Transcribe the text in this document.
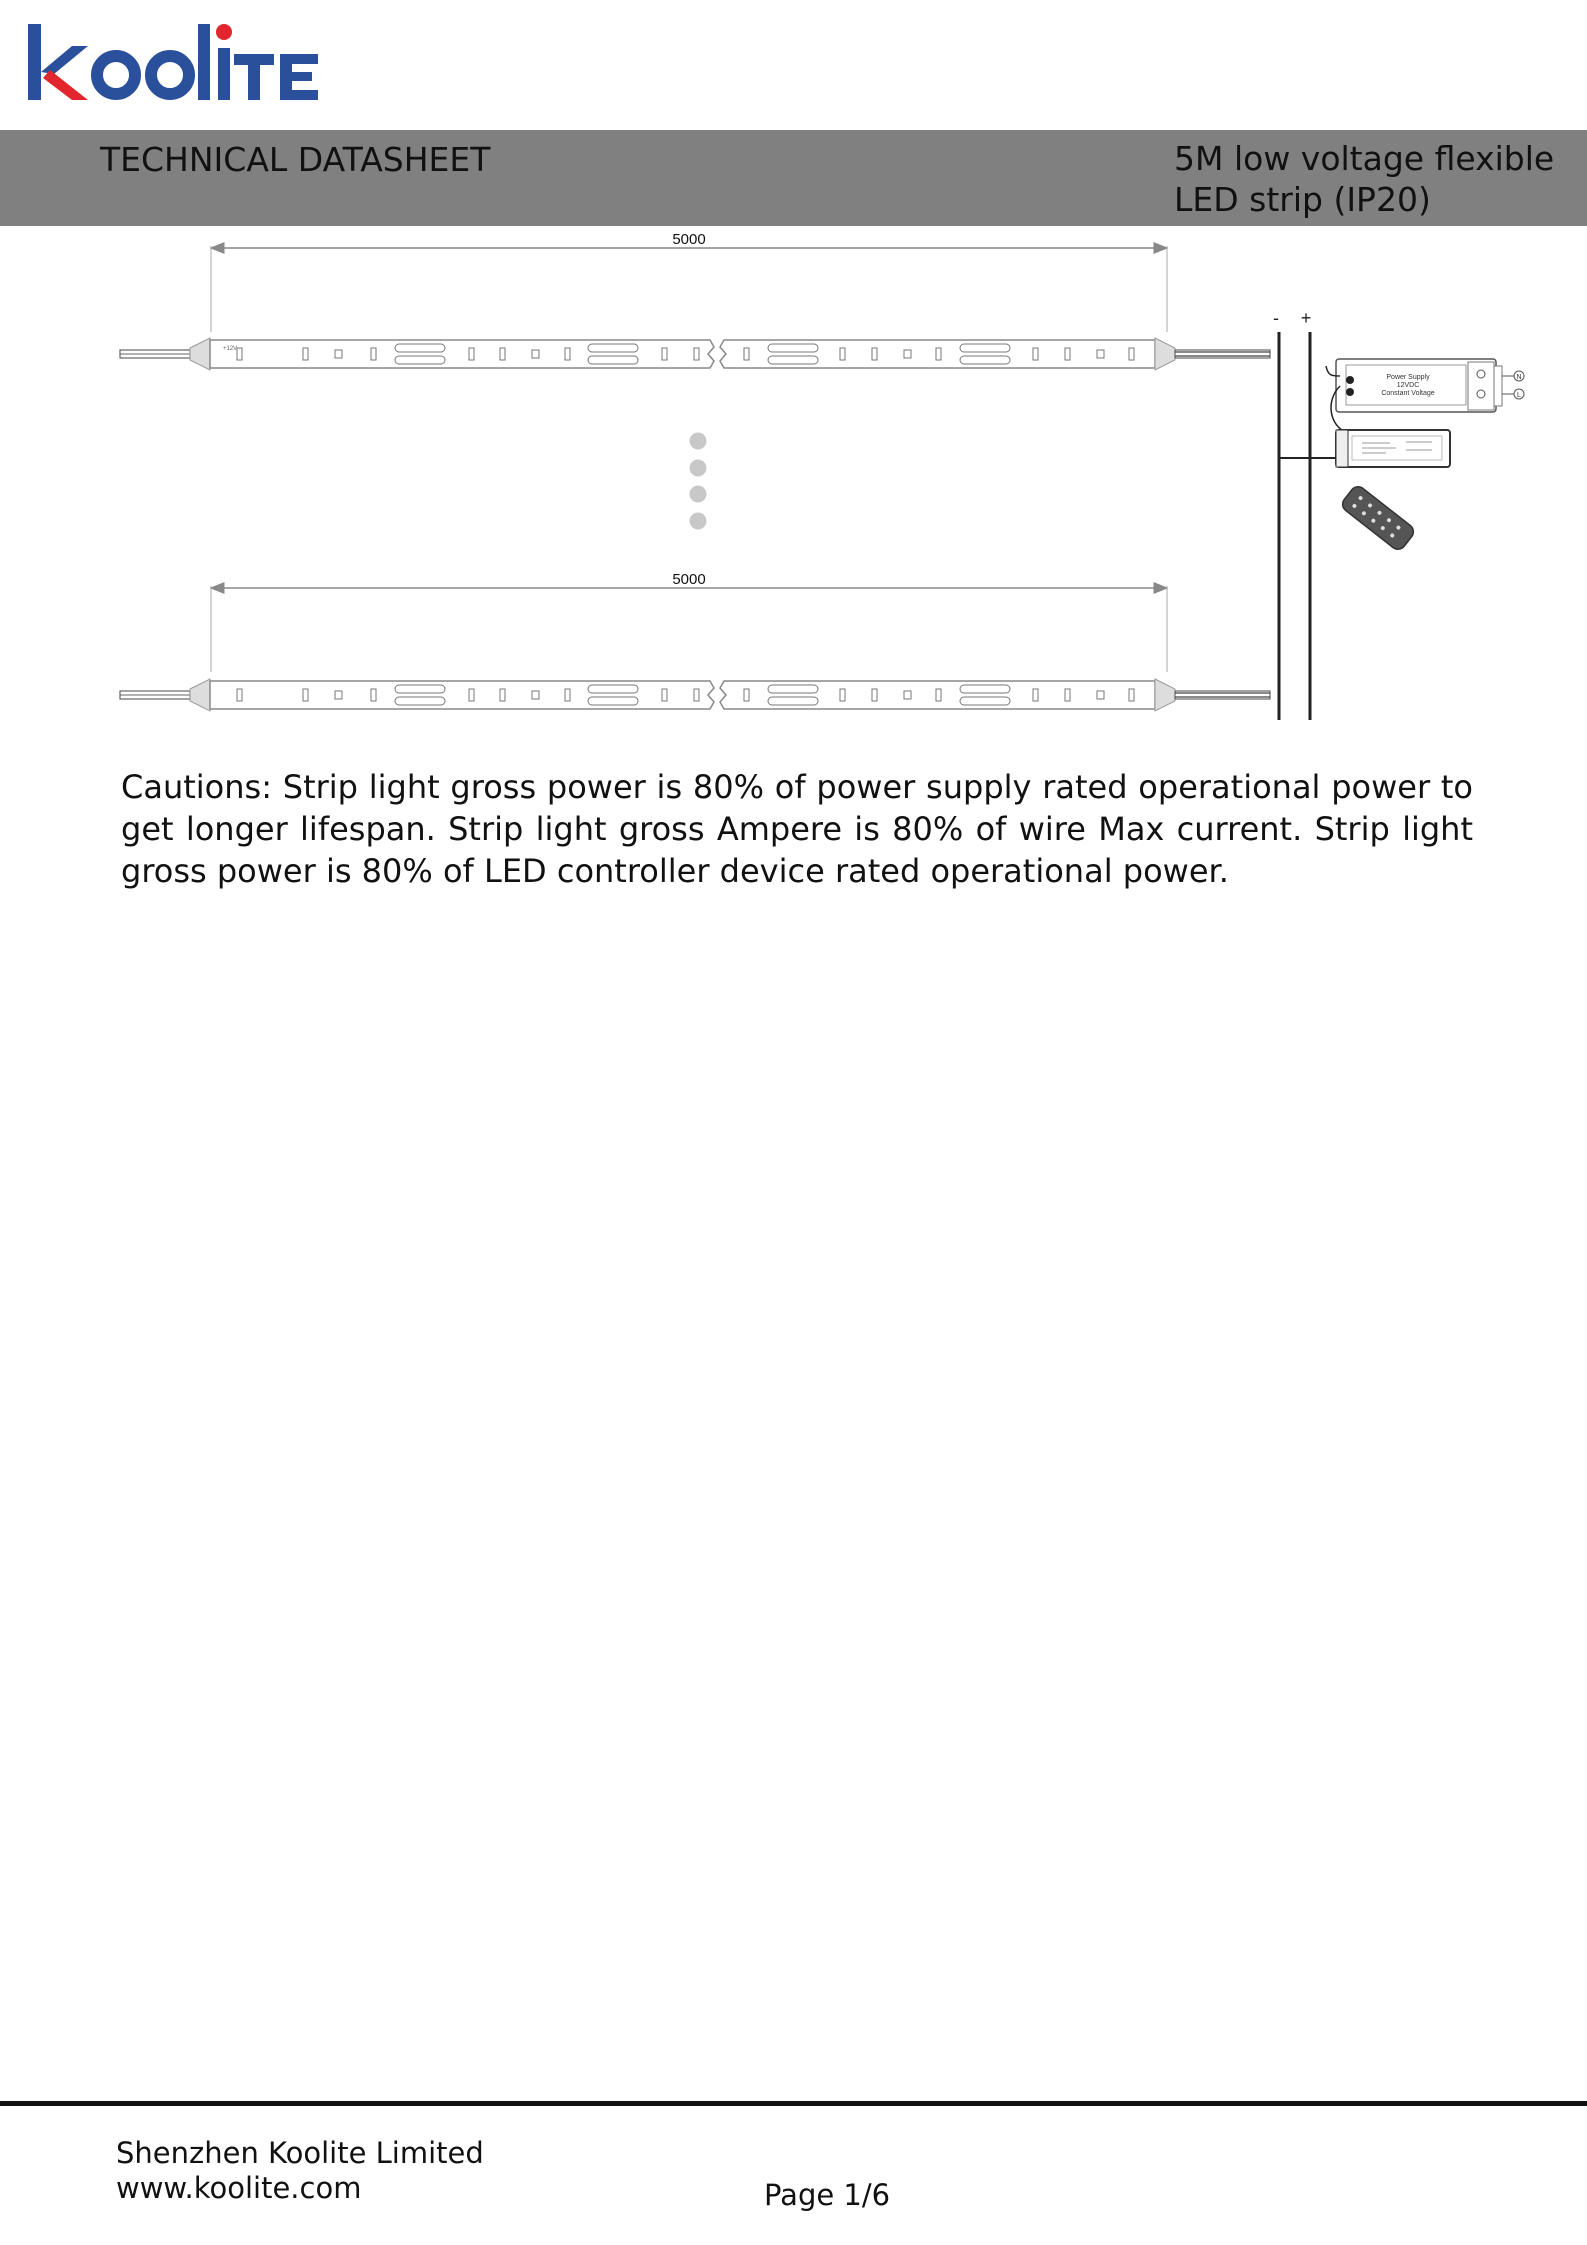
TECHNICAL DATASHEET	5M low voltage flexible
LED strip (IP20)
5000
+12V
5000
- +
Power Supply
12VDC
Constant Voltage
N
L
Cautions: Strip light gross power is 80% of power supply rated operational power to get longer lifespan. Strip light gross Ampere is 80% of wire Max current. Strip light gross power is 80% of LED controller device rated operational power.
Shenzhen Koolite Limited
www.koolite.com	Page 1/6
